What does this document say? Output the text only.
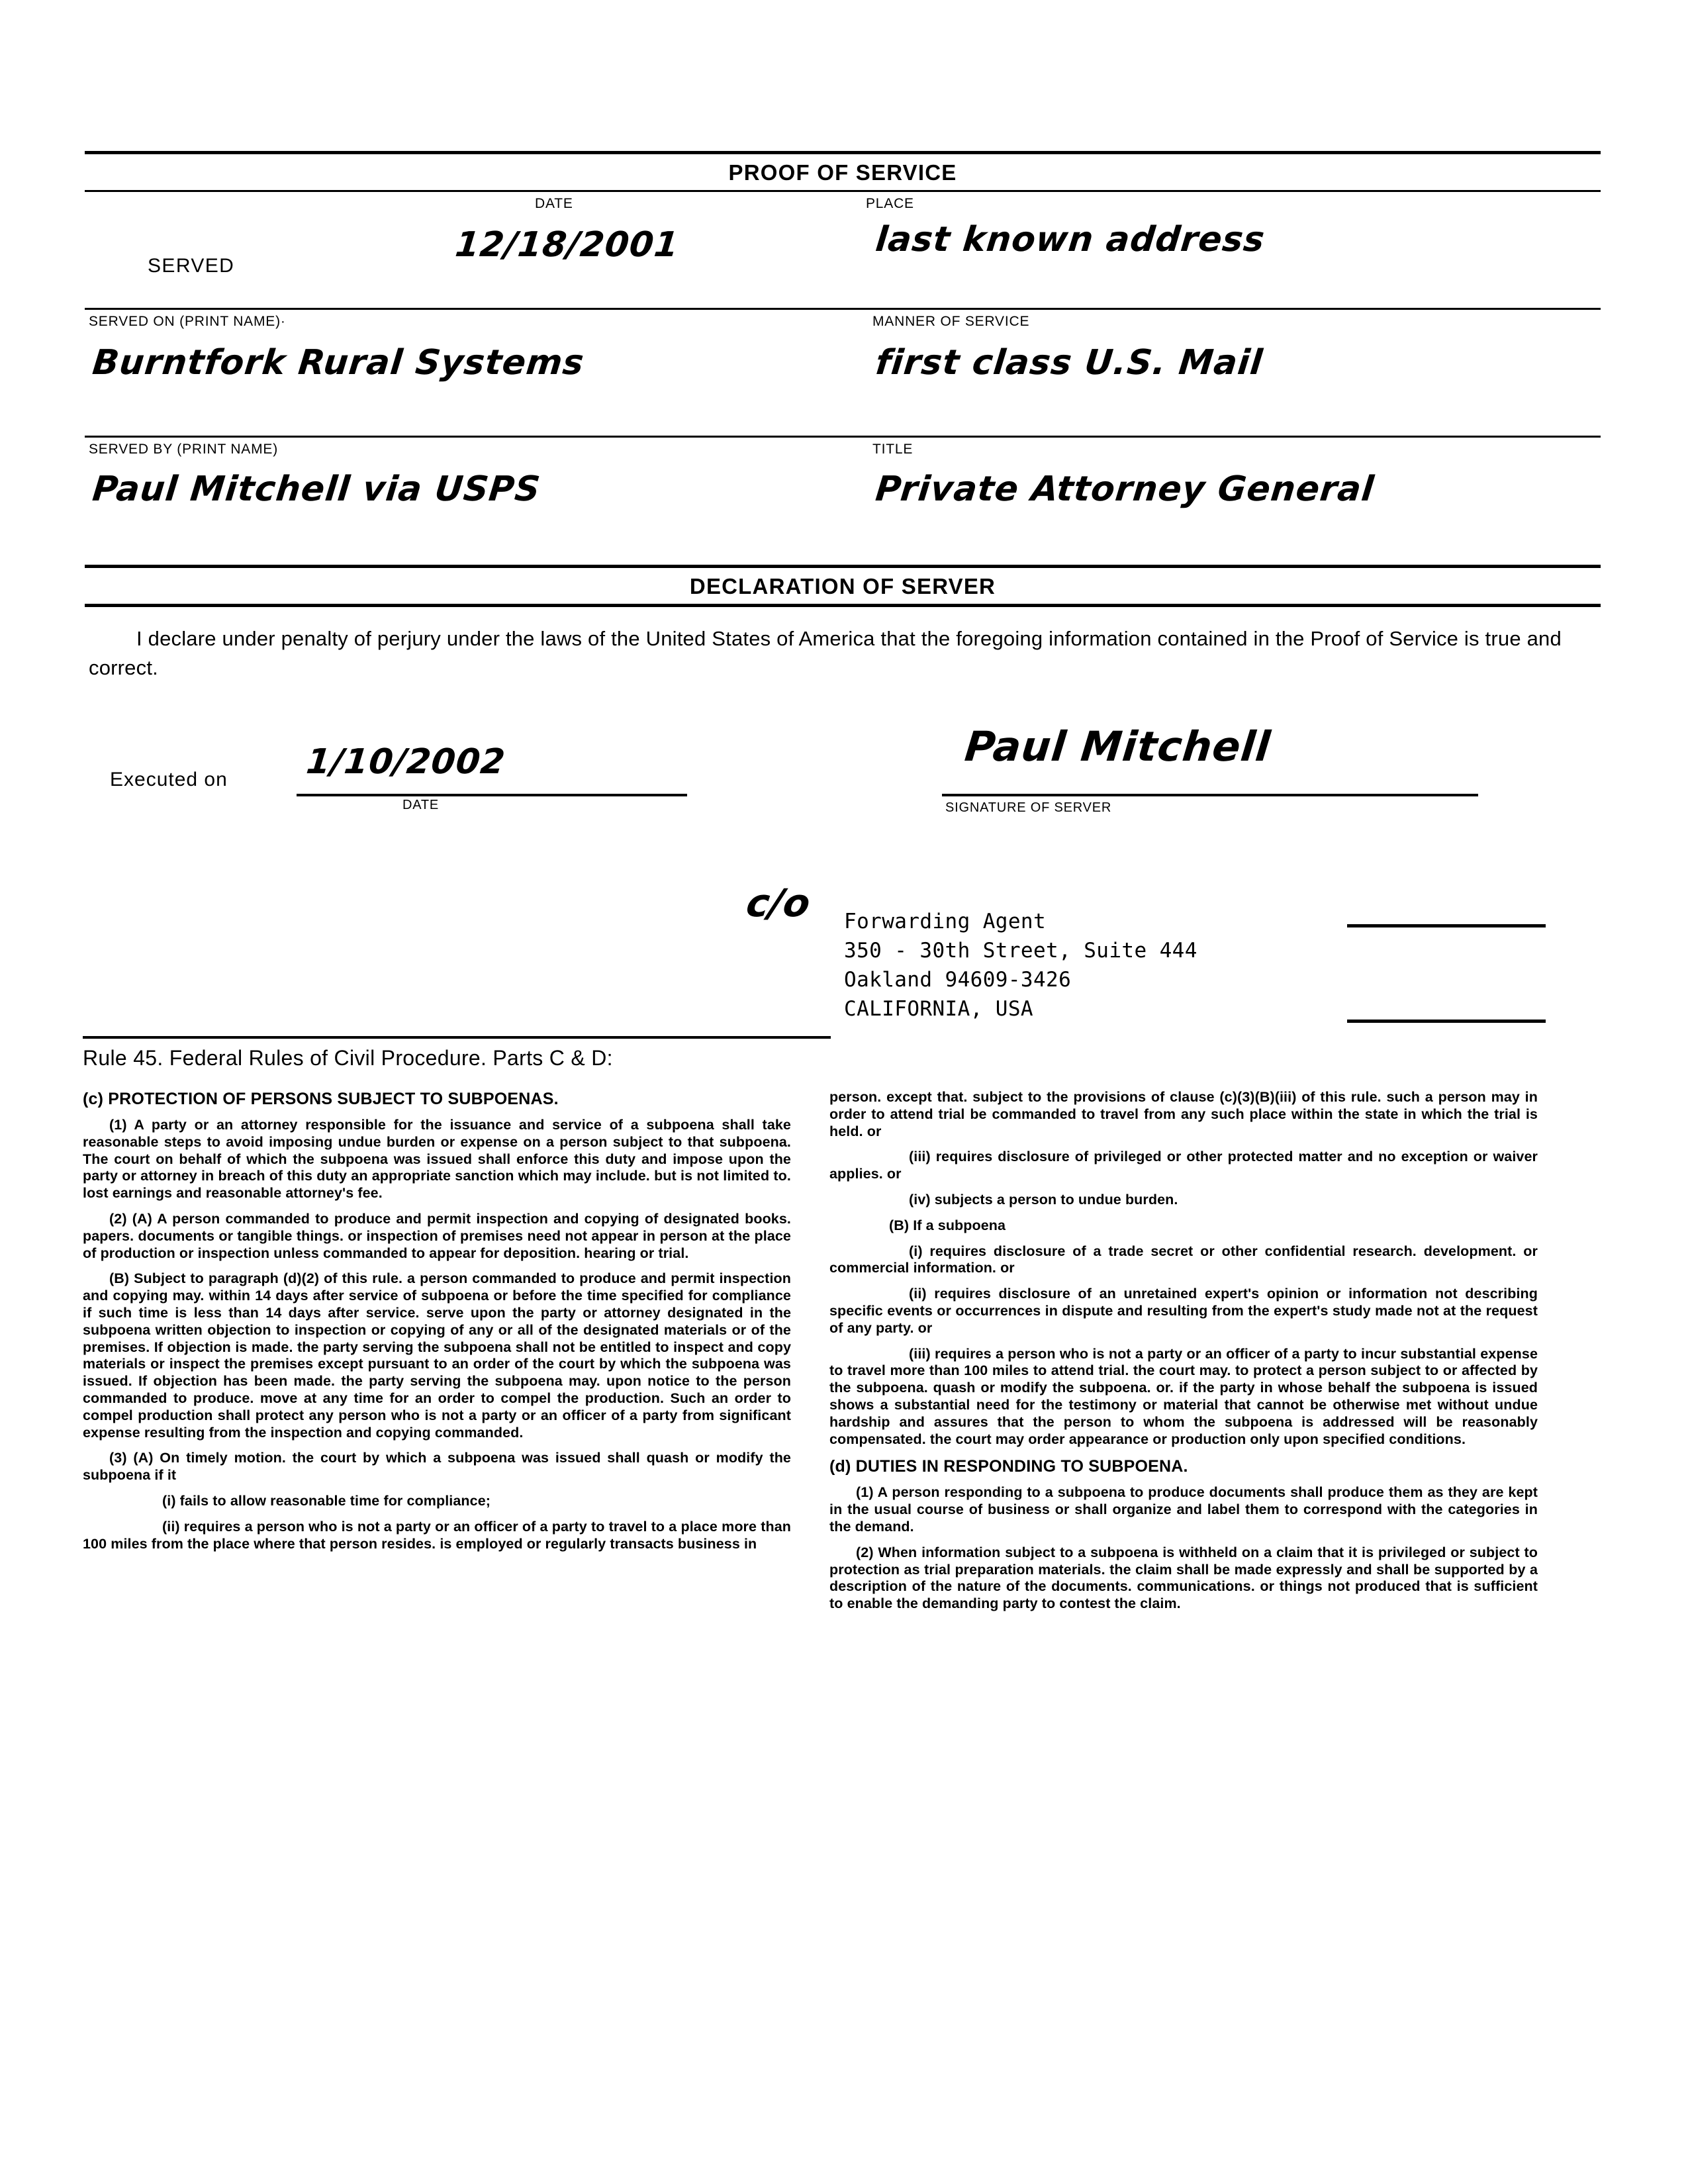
PROOF OF SERVICE
SERVED
DATE
12/18/2001
PLACE
last known address
SERVED ON (PRINT NAME)·
Burntfork Rural Systems
MANNER OF SERVICE
first class U.S. Mail
SERVED BY (PRINT NAME)
Paul Mitchell via USPS
TITLE
Private Attorney General
DECLARATION OF SERVER
I declare under penalty of perjury under the laws of the United States of America that the foregoing information contained in the Proof of Service is true and correct.
Executed on 1/10/2002
DATE
Paul Mitchell
SIGNATURE OF SERVER
c/o Forwarding Agent
350 - 30th Street, Suite 444
Oakland 94609-3426
CALIFORNIA, USA
Rule 45. Federal Rules of Civil Procedure. Parts C & D:
(c) PROTECTION OF PERSONS SUBJECT TO SUBPOENAS.

(1) A party or an attorney responsible for the issuance and service of a subpoena shall take reasonable steps to avoid imposing undue burden or expense on a person subject to that subpoena. The court on behalf of which the subpoena was issued shall enforce this duty and impose upon the party or attorney in breach of this duty an appropriate sanction which may include. but is not limited to. lost earnings and reasonable attorney's fee.

(2) (A) A person commanded to produce and permit inspection and copying of designated books. papers. documents or tangible things. or inspection of premises need not appear in person at the place of production or inspection unless commanded to appear for deposition. hearing or trial.

(B) Subject to paragraph (d)(2) of this rule. a person commanded to produce and permit inspection and copying may. within 14 days after service of subpoena or before the time specified for compliance if such time is less than 14 days after service. serve upon the party or attorney designated in the subpoena written objection to inspection or copying of any or all of the designated materials or of the premises. If objection is made. the party serving the subpoena shall not be entitled to inspect and copy materials or inspect the premises except pursuant to an order of the court by which the subpoena was issued. If objection has been made. the party serving the subpoena may. upon notice to the person commanded to produce. move at any time for an order to compel the production. Such an order to compel production shall protect any person who is not a party or an officer of a party from significant expense resulting from the inspection and copying commanded.

(3) (A) On timely motion. the court by which a subpoena was issued shall quash or modify the subpoena if it

(i) fails to allow reasonable time for compliance;

(ii) requires a person who is not a party or an officer of a party to travel to a place more than 100 miles from the place where that person resides. is employed or regularly transacts business in

person. except that. subject to the provisions of clause (c)(3)(B)(iii) of this rule. such a person may in order to attend trial be commanded to travel from any such place within the state in which the trial is held. or

(iii) requires disclosure of privileged or other protected matter and no exception or waiver applies. or

(iv) subjects a person to undue burden.

(B) If a subpoena

(i) requires disclosure of a trade secret or other confidential research. development. or commercial information. or

(ii) requires disclosure of an unretained expert's opinion or information not describing specific events or occurrences in dispute and resulting from the expert's study made not at the request of any party. or

(iii) requires a person who is not a party or an officer of a party to incur substantial expense to travel more than 100 miles to attend trial. the court may. to protect a person subject to or affected by the subpoena. quash or modify the subpoena. or. if the party in whose behalf the subpoena is issued shows a substantial need for the testimony or material that cannot be otherwise met without undue hardship and assures that the person to whom the subpoena is addressed will be reasonably compensated. the court may order appearance or production only upon specified conditions.

(d) DUTIES IN RESPONDING TO SUBPOENA.

(1) A person responding to a subpoena to produce documents shall produce them as they are kept in the usual course of business or shall organize and label them to correspond with the categories in the demand.

(2) When information subject to a subpoena is withheld on a claim that it is privileged or subject to protection as trial preparation materials. the claim shall be made expressly and shall be supported by a description of the nature of the documents. communications. or things not produced that is sufficient to enable the demanding party to contest the claim.
